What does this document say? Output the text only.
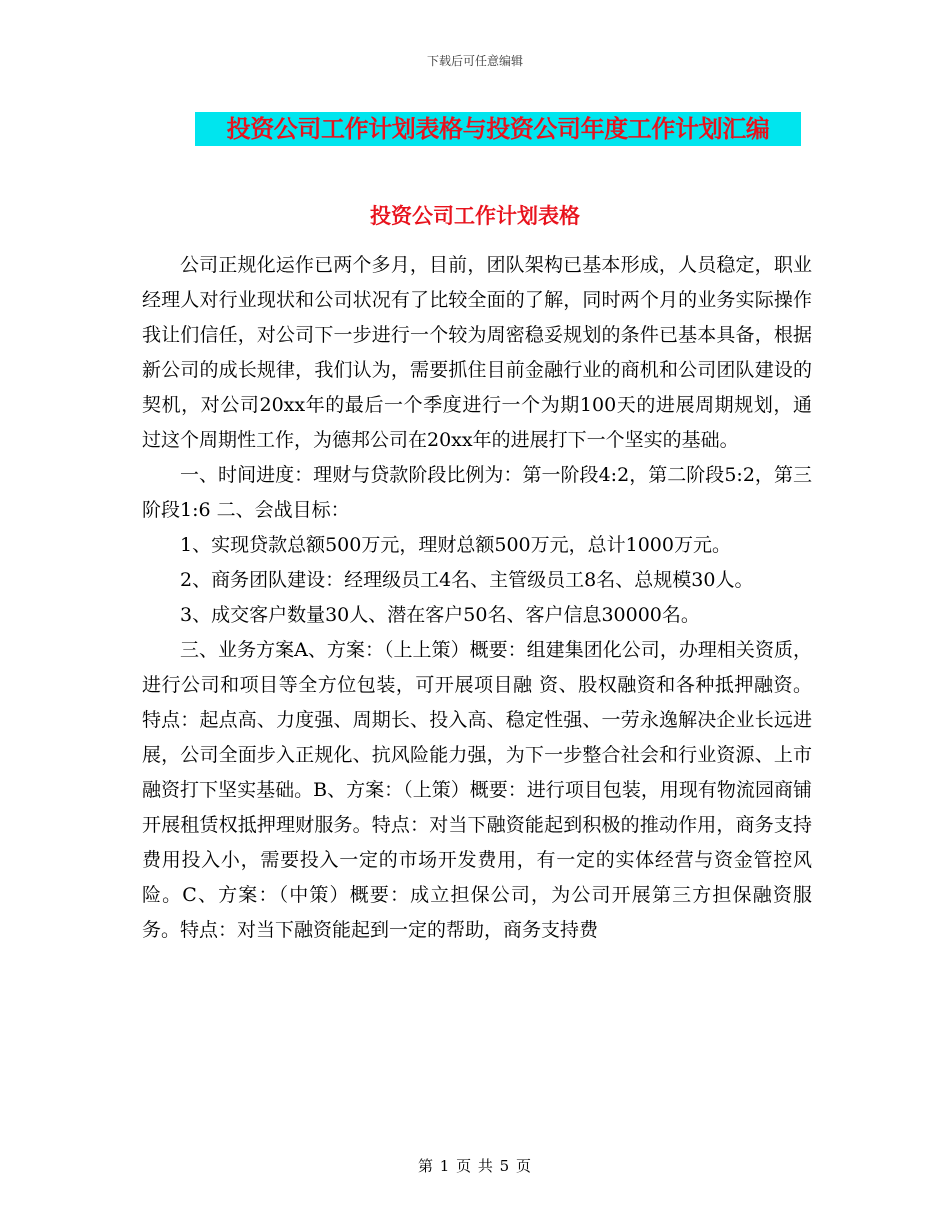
下载后可任意编辑
投资公司工作计划表格与投资公司年度工作计划汇编
投资公司工作计划表格

公司正规化运作已两个多月，目前，团队架构已基本形成，人员稳定，职业经理人对行业现状和公司状况有了比较全面的了解，同时两个月的业务实际操作我让们信任，对公司下一步进行一个较为周密稳妥规划的条件已基本具备，根据新公司的成长规律，我们认为，需要抓住目前金融行业的商机和公司团队建设的契机，对公司20xx年的最后一个季度进行一个为期100天的进展周期规划，通过这个周期性工作，为德邦公司在20xx年的进展打下一个坚实的基础。

一、时间进度：理财与贷款阶段比例为：第一阶段4:2，第二阶段5:2，第三阶段1:6 二、会战目标：

1、实现贷款总额500万元，理财总额500万元，总计1000万元。

2、商务团队建设：经理级员工4名、主管级员工8名、总规模30人。

3、成交客户数量30人、潜在客户50名、客户信息30000名。

三、业务方案A、方案：（上上策）概要：组建集团化公司，办理相关资质，进行公司和项目等全方位包装，可开展项目融 资、股权融资和各种抵押融资。特点：起点高、力度强、周期长、投入高、稳定性强、一劳永逸解决企业长远进展，公司全面步入正规化、抗风险能力强，为下一步整合社会和行业资源、上市融资打下坚实基础。B、方案：（上策）概要：进行项目包装，用现有物流园商铺开展租赁权抵押理财服务。特点：对当下融资能起到积极的推动作用，商务支持费用投入小，需要投入一定的市场开发费用，有一定的实体经营与资金管控风险。C、方案：（中策）概要：成立担保公司，为公司开展第三方担保融资服务。特点：对当下融资能起到一定的帮助，商务支持费

第 1 页 共 5 页
